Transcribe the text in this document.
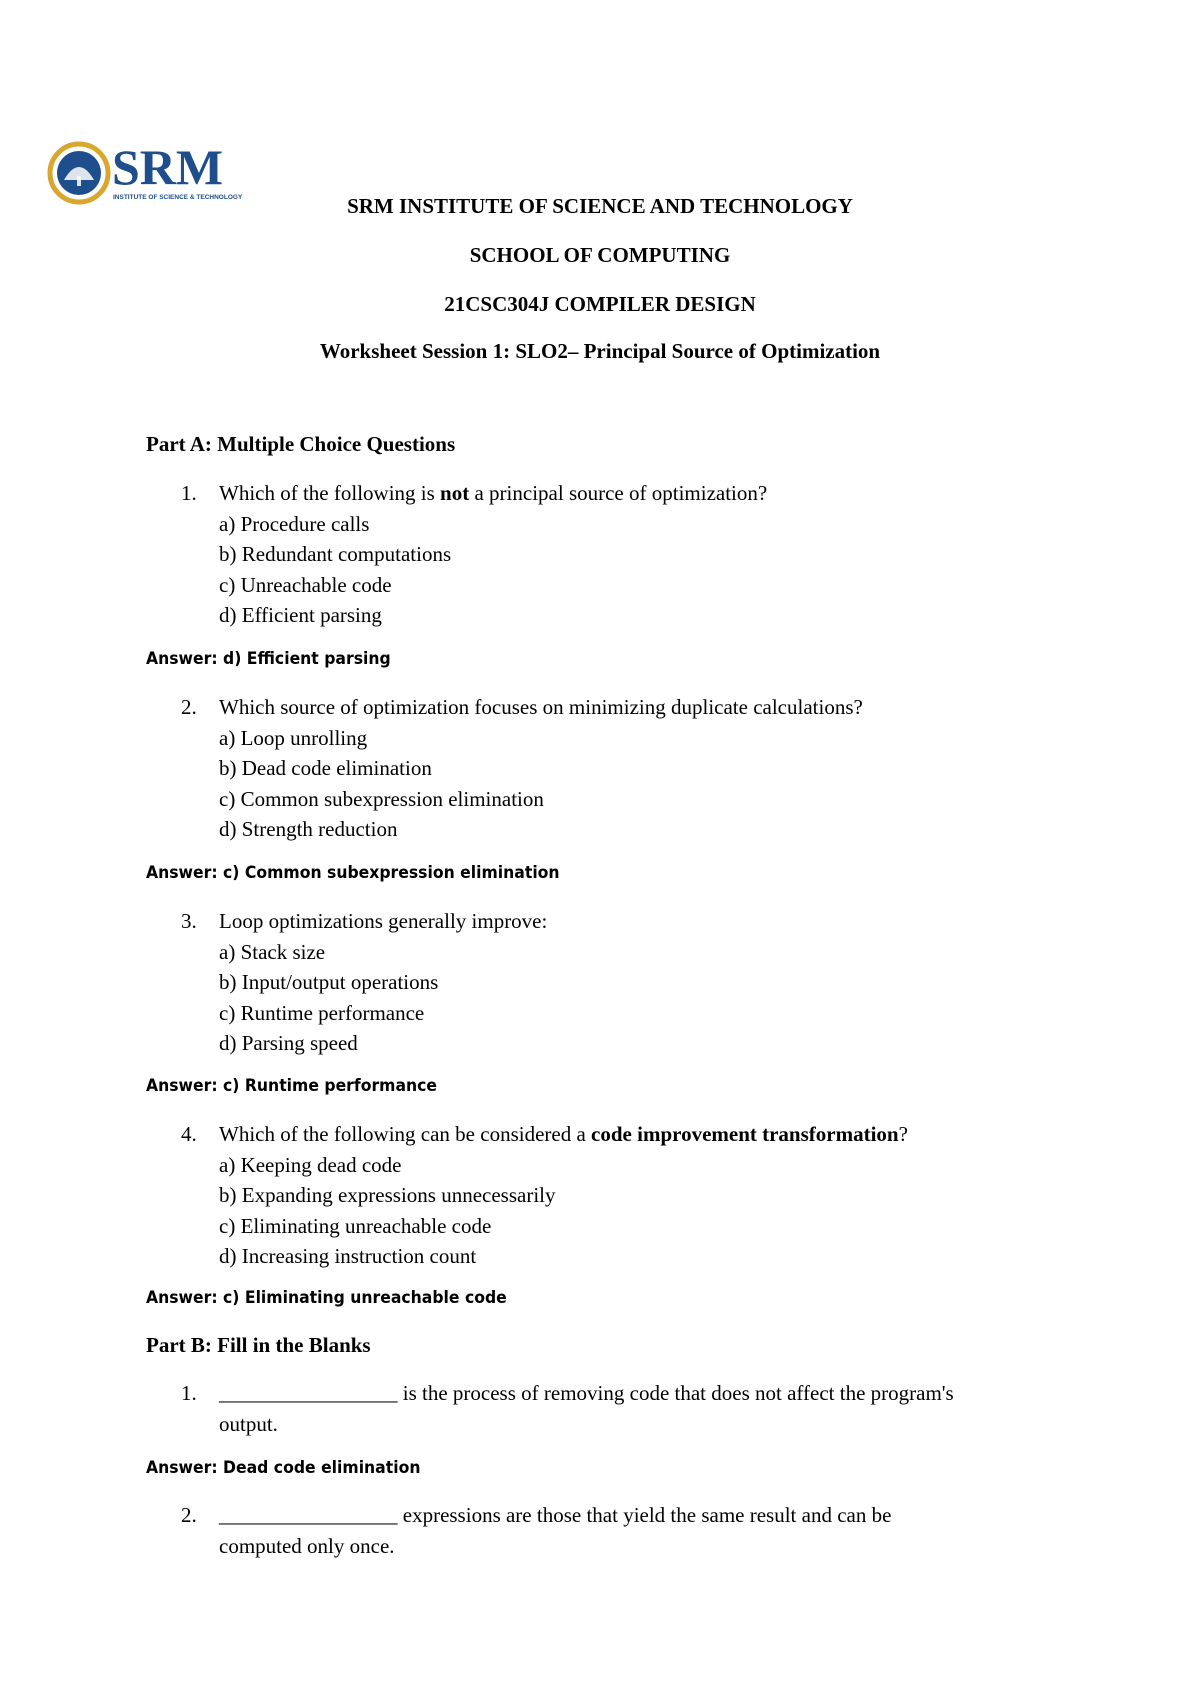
SRM
INSTITUTE OF SCIENCE & TECHNOLOGY	SRM INSTITUTE OF SCIENCE AND TECHNOLOGY
SCHOOL OF COMPUTING
21CSC304J COMPILER DESIGN
Worksheet Session 1: SLO2– Principal Source of Optimization
Part A: Multiple Choice Questions
1. Which of the following is not a principal source of optimization?
a) Procedure calls
b) Redundant computations
c) Unreachable code
d) Efficient parsing
Answer: d) Efficient parsing
2. Which source of optimization focuses on minimizing duplicate calculations?
a) Loop unrolling
b) Dead code elimination
c) Common subexpression elimination
d) Strength reduction
Answer: c) Common subexpression elimination
3. Loop optimizations generally improve:
a) Stack size
b) Input/output operations
c) Runtime performance
d) Parsing speed
Answer: c) Runtime performance
4. Which of the following can be considered a code improvement transformation?
a) Keeping dead code
b) Expanding expressions unnecessarily
c) Eliminating unreachable code
d) Increasing instruction count
Answer: c) Eliminating unreachable code
Part B: Fill in the Blanks
1. _________________ is the process of removing code that does not affect the program's
output.
Answer: Dead code elimination
2. _________________ expressions are those that yield the same result and can be
computed only once.
